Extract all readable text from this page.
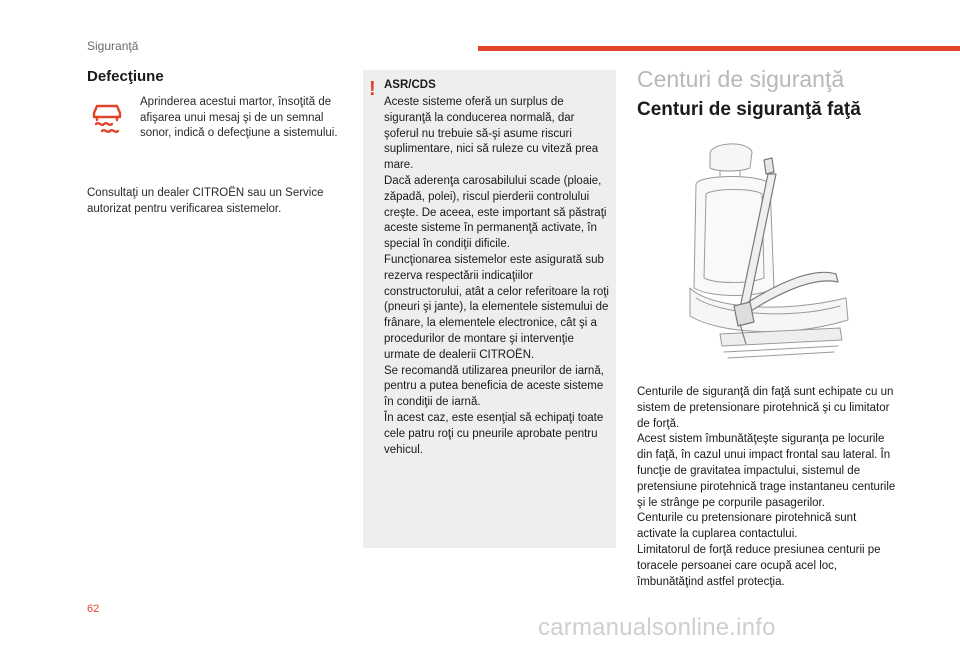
Siguranţă
Defecţiune
Aprinderea acestui martor, însoţită de afişarea unui mesaj şi de un semnal sonor, indică o defecţiune a sistemului.
Consultaţi un dealer CITROËN sau un Service autorizat pentru verificarea sistemelor.
! ASR/CDS
Aceste sisteme oferă un surplus de siguranţă la conducerea normală, dar şoferul nu trebuie să-şi asume riscuri suplimentare, nici să ruleze cu viteză prea mare.
Dacă aderenţa carosabilului scade (ploaie, zăpadă, polei), riscul pierderii controlului creşte. De aceea, este important să păstraţi aceste sisteme în permanenţă activate, în special în condiţii dificile.
Funcţionarea sistemelor este asigurată sub rezerva respectării indicaţiilor constructorului, atât a celor referitoare la roţi (pneuri şi jante), la elementele sistemului de frânare, la elementele electronice, cât şi a procedurilor de montare şi intervenţie urmate de dealerii CITROËN.
Se recomandă utilizarea pneurilor de iarnă, pentru a putea beneficia de aceste sisteme în condiţii de iarnă.
În acest caz, este esenţial să echipaţi toate cele patru roţi cu pneurile aprobate pentru vehicul.
Centuri de siguranţă
Centuri de siguranţă faţă
Centurile de siguranţă din faţă sunt echipate cu un sistem de pretensionare pirotehnică şi cu limitator de forţă.
Acest sistem îmbunătăţeşte siguranţa pe locurile din faţă, în cazul unui impact frontal sau lateral. În funcţie de gravitatea impactului, sistemul de pretensiune pirotehnică trage instantaneu centurile şi le strânge pe corpurile pasagerilor.
Centurile cu pretensionare pirotehnică sunt activate la cuplarea contactului.
Limitatorul de forţă reduce presiunea centurii pe toracele persoanei care ocupă acel loc, îmbunătăţind astfel protecţia.
62
carmanualsonline.info
